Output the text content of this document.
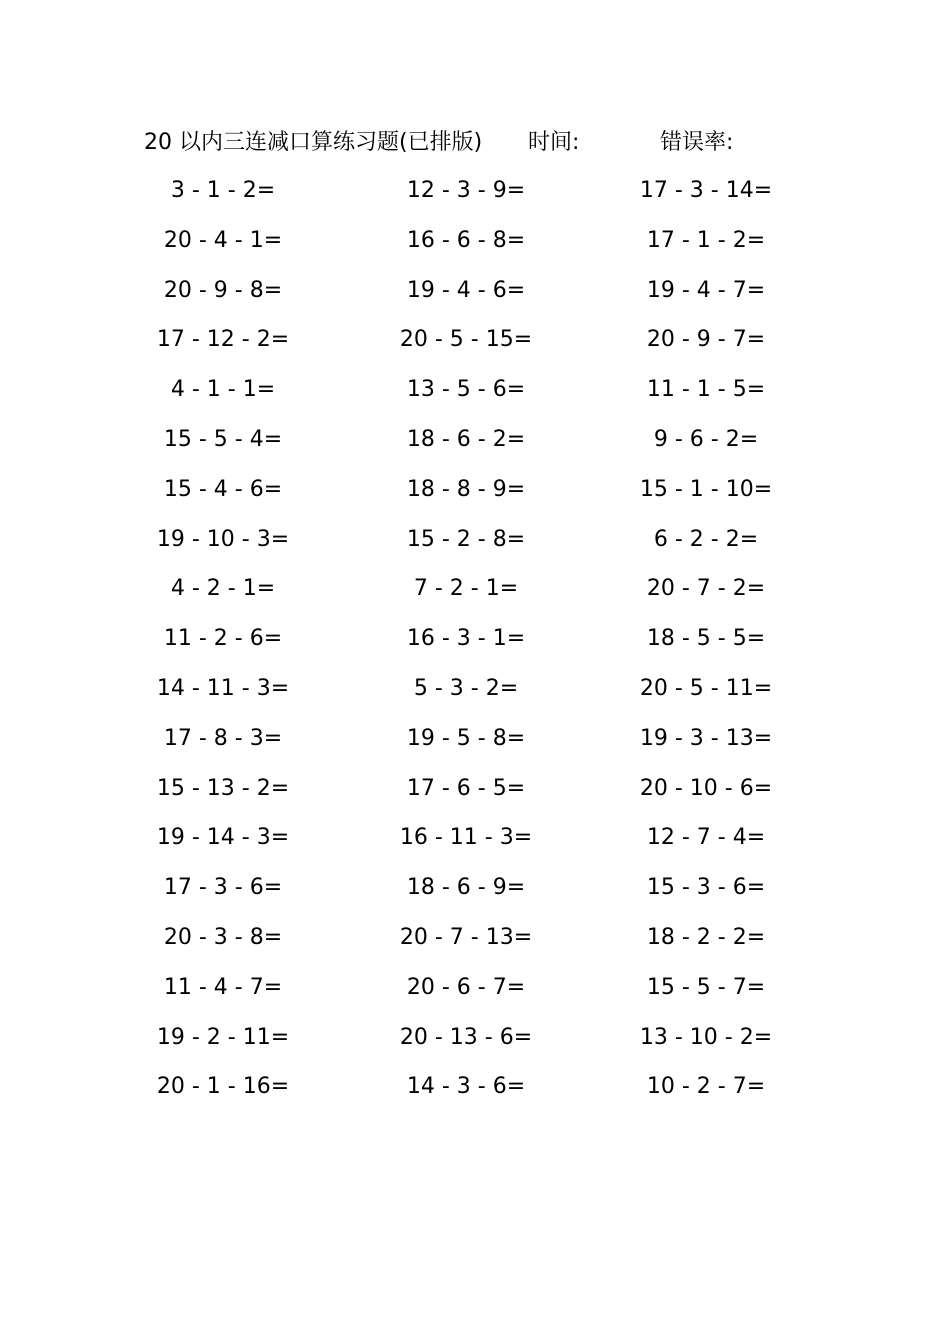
20 以内三连减口算练习题(已排版) 时间:	错误率:
3 - 1 - 2=	12 - 3 - 9=	17 - 3 - 14=
20 - 4 - 1=	16 - 6 - 8=	17 - 1 - 2=
20 - 9 - 8=	19 - 4 - 6=	19 - 4 - 7=
17 - 12 - 2=	20 - 5 - 15=	20 - 9 - 7=
4 - 1 - 1=	13 - 5 - 6=	11 - 1 - 5=
15 - 5 - 4=	18 - 6 - 2=	9 - 6 - 2=
15 - 4 - 6=	18 - 8 - 9=	15 - 1 - 10=
19 - 10 - 3=	15 - 2 - 8=	6 - 2 - 2=
4 - 2 - 1=	7 - 2 - 1=	20 - 7 - 2=
11 - 2 - 6=	16 - 3 - 1=	18 - 5 - 5=
14 - 11 - 3=	5 - 3 - 2=	20 - 5 - 11=
17 - 8 - 3=	19 - 5 - 8=	19 - 3 - 13=
15 - 13 - 2=	17 - 6 - 5=	20 - 10 - 6=
19 - 14 - 3=	16 - 11 - 3=	12 - 7 - 4=
17 - 3 - 6=	18 - 6 - 9=	15 - 3 - 6=
20 - 3 - 8=	20 - 7 - 13=	18 - 2 - 2=
11 - 4 - 7=	20 - 6 - 7=	15 - 5 - 7=
19 - 2 - 11=	20 - 13 - 6=	13 - 10 - 2=
20 - 1 - 16=	14 - 3 - 6=	10 - 2 - 7=
